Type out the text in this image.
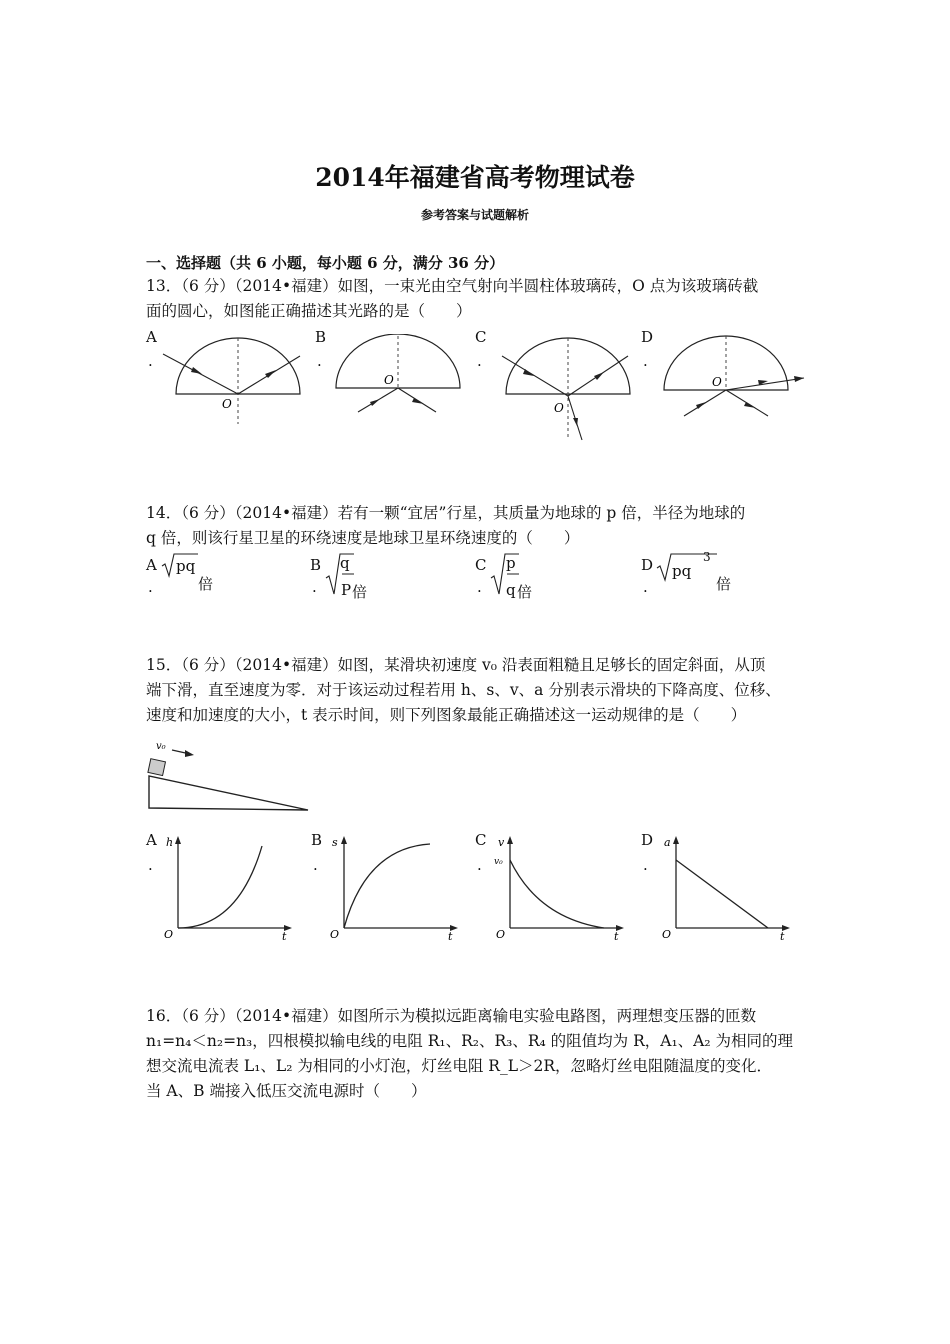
2014年福建省高考物理试卷
参考答案与试题解析
一、选择题（共 6 小题，每小题 6 分，满分 36 分）
13．（6 分）（2014•福建）如图，一束光由空气射向半圆柱体玻璃砖，O 点为该玻璃砖截
面的圆心，如图能正确描述其光路的是（　　）
A
.
B
.
C
.
D
.
O
O
O
O
14．（6 分）（2014•福建）若有一颗“宜居”行星，其质量为地球的 p 倍，半径为地球的
q 倍，则该行星卫星的环绕速度是地球卫星环绕速度的（　　）
A
.
pq
倍
B
.
q
P 倍
C
.
p
q 倍
D
.
pq
3
倍
15．（6 分）（2014•福建）如图，某滑块初速度 v₀ 沿表面粗糙且足够长的固定斜面，从顶
端下滑，直至速度为零．对于该运动过程若用 h、s、v、a 分别表示滑块的下降高度、位移、
速度和加速度的大小，t 表示时间，则下列图象最能正确描述这一运动规律的是（　　）
v₀
A
.
B
.
C
.
D
.
h
O	t
s
O	t
v
v₀
O	t
a
O	t
16．（6 分）（2014•福建）如图所示为模拟远距离输电实验电路图，两理想变压器的匝数
n₁=n₄＜n₂=n₃，四根模拟输电线的电阻 R₁、R₂、R₃、R₄ 的阻值均为 R，A₁、A₂ 为相同的理
想交流电流表 L₁、L₂ 为相同的小灯泡，灯丝电阻 R_L＞2R，忽略灯丝电阻随温度的变化．
当 A、B 端接入低压交流电源时（　　）
